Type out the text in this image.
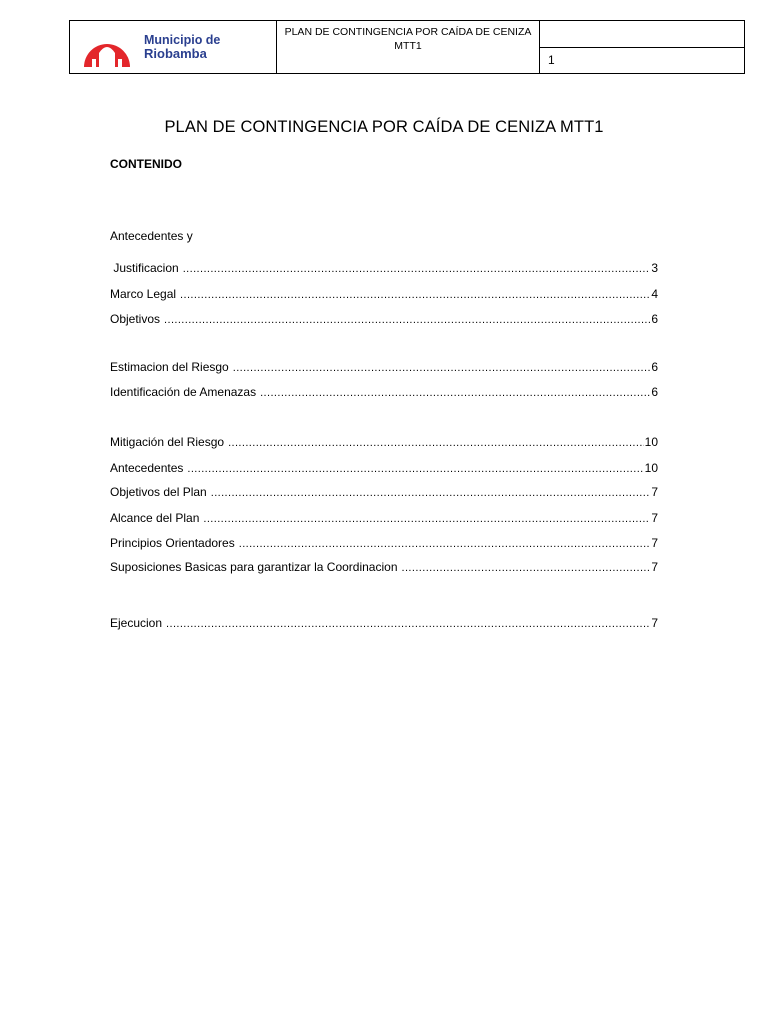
Municipio de
Riobamba
PLAN DE CONTINGENCIA POR CAÍDA DE CENIZA
MTT1
1
PLAN DE CONTINGENCIA POR CAÍDA DE CENIZA MTT1
CONTENIDO
Antecedentes y
Justificacion .....	3
Marco Legal .....	4
Objetivos .....	6
Estimacion del Riesgo .....	6
Identificación de Amenazas .....	6
Mitigación del Riesgo .....	10
Antecedentes .....	10
Objetivos del Plan .....	7
Alcance del Plan .....	7
Principios Orientadores .....	7
Suposiciones Basicas para garantizar la Coordinacion .....	7
Ejecucion .....	7
